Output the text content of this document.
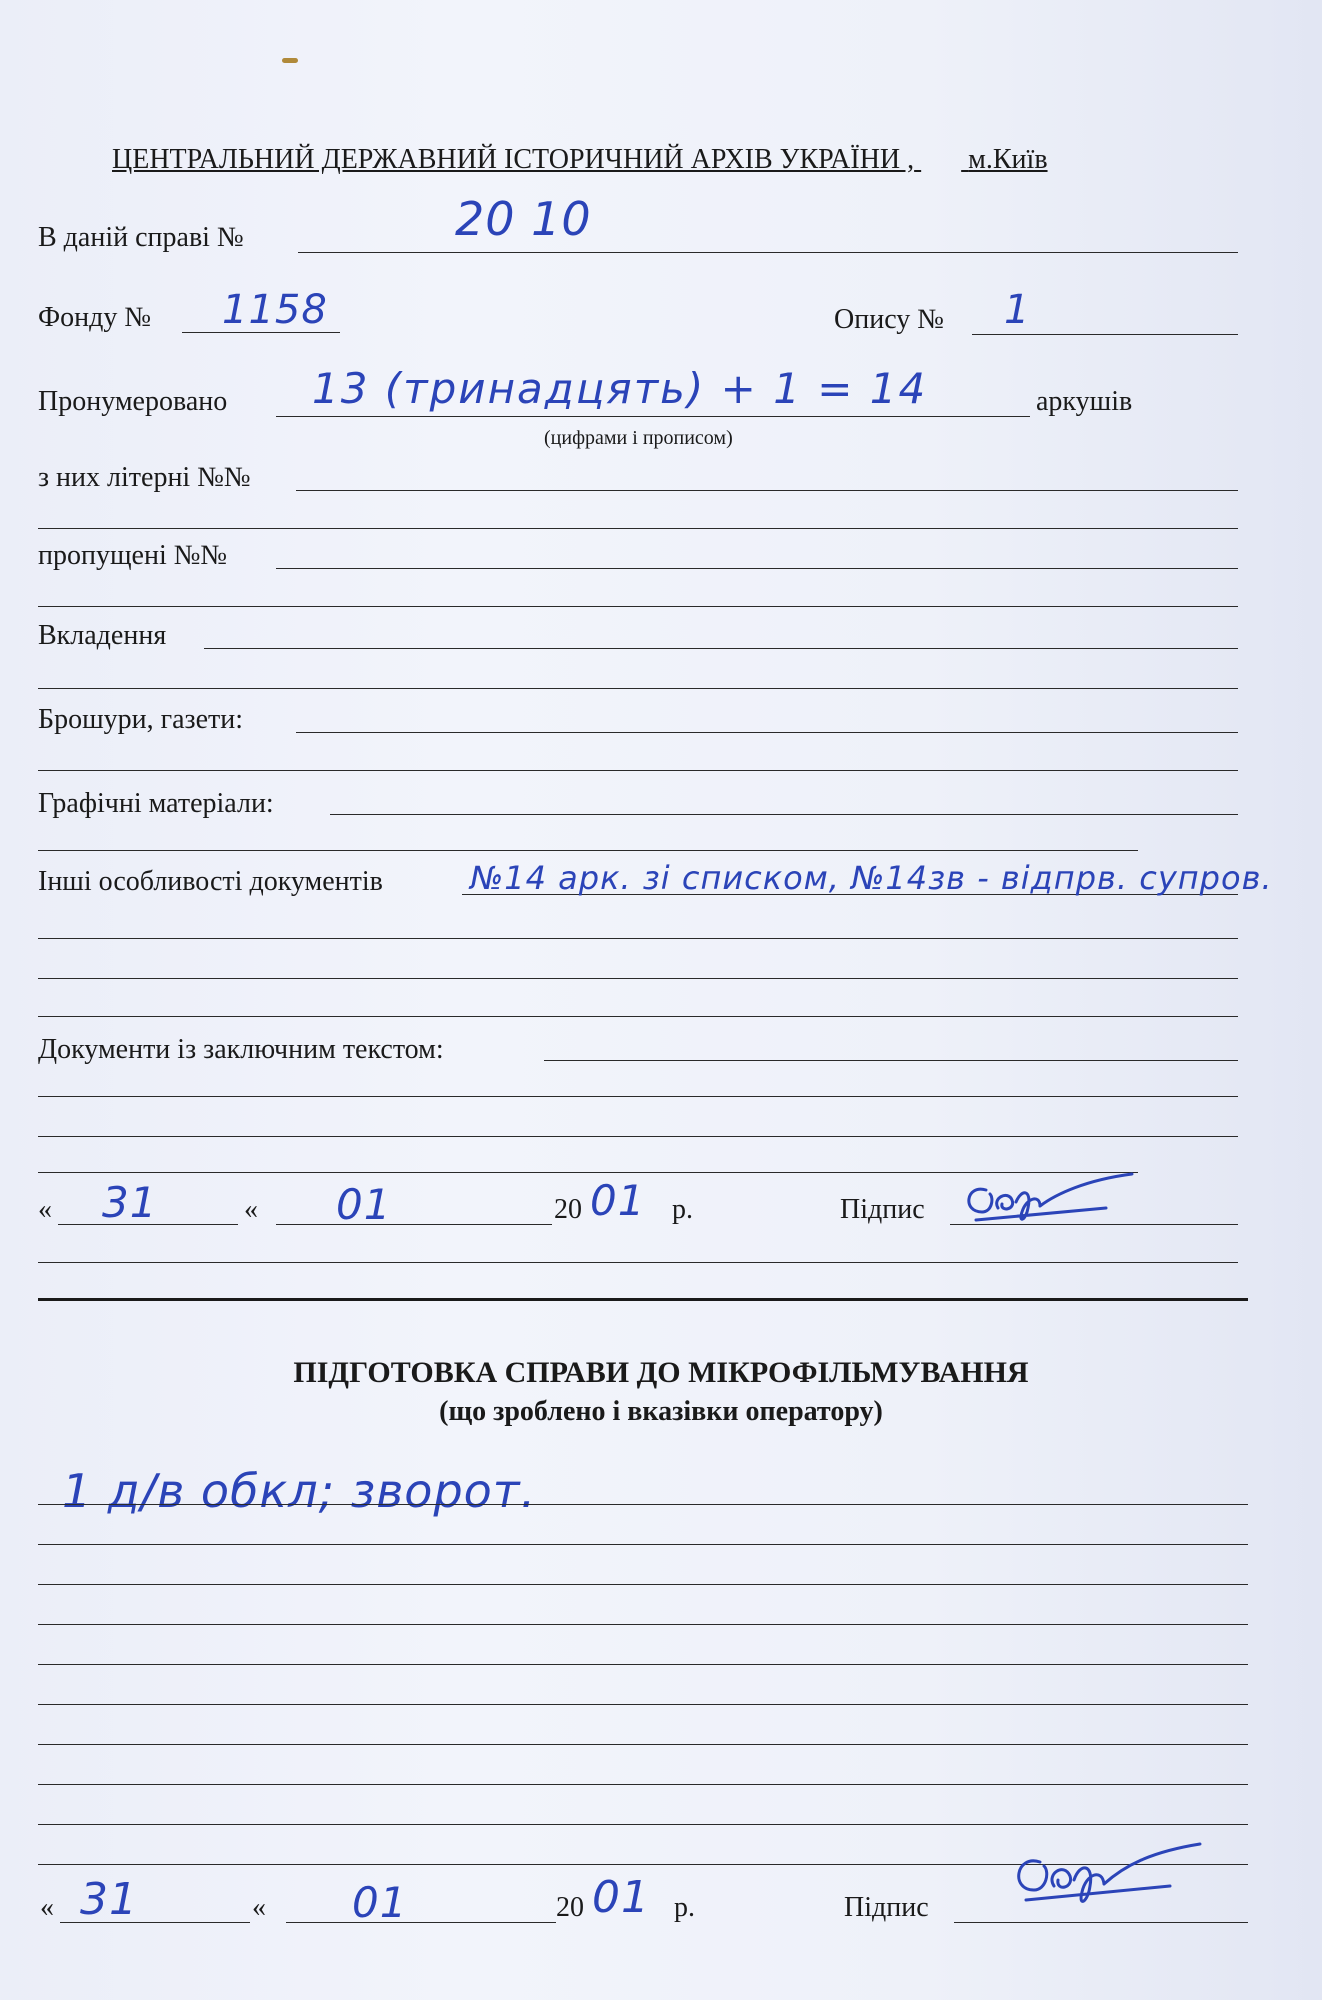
ЦЕНТРАЛЬНИЙ ДЕРЖАВНИЙ ІСТОРИЧНИЙ АРХІВ УКРАЇНИ , м.Київ
В даній справі №	20 10
Фонду № 1158	Опису № 1
Пронумеровано 13 (тринадцять) + 1 = 14	аркушів
(цифрами і прописом)
з них літерні №№
пропущені №№
Вкладення
Брошури, газети:
Графічні матеріали:
Інші особливості документів	№14 арк. зі списком, №14зв - відпрв. супров.
Документи із заключним текстом:
« 31	« 01	20 01 р.	Підпис
ПІДГОТОВКА СПРАВИ ДО МІКРОФІЛЬМУВАННЯ
(що зроблено і вказівки оператору)
1 д/в обкл; зворот.
« 31	« 01	20 01 р.	Підпис
